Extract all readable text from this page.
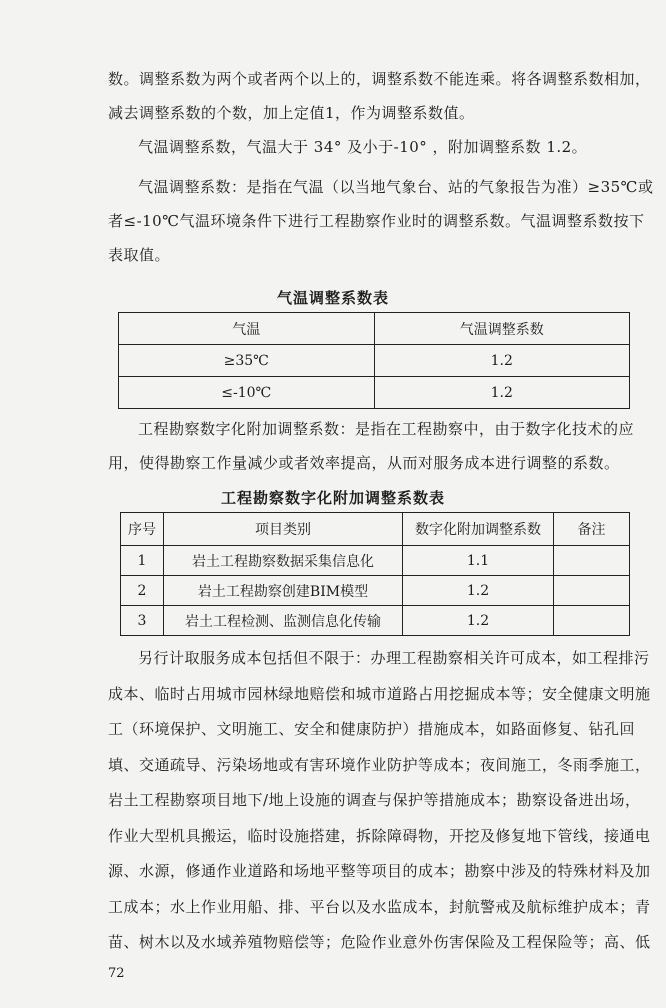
数。调整系数为两个或者两个以上的，调整系数不能连乘。将各调整系数相加，
减去调整系数的个数，加上定值1，作为调整系数值。

气温调整系数，气温大于 34° 及小于-10° ，附加调整系数 1.2。

气温调整系数：是指在气温（以当地气象台、站的气象报告为准）≥35℃或
者≤-10℃气温环境条件下进行工程勘察作业时的调整系数。气温调整系数按下
表取值。

气温调整系数表
气温	气温调整系数
≥35℃	1.2
≤-10℃	1.2

工程勘察数字化附加调整系数：是指在工程勘察中，由于数字化技术的应
用，使得勘察工作量减少或者效率提高，从而对服务成本进行调整的系数。

工程勘察数字化附加调整系数表
序号	项目类别	数字化附加调整系数	备注
1	岩土工程勘察数据采集信息化	1.1	
2	岩土工程勘察创建BIM模型	1.2	
3	岩土工程检测、监测信息化传输	1.2	

另行计取服务成本包括但不限于：办理工程勘察相关许可成本，如工程排污
成本、临时占用城市园林绿地赔偿和城市道路占用挖掘成本等；安全健康文明施
工（环境保护、文明施工、安全和健康防护）措施成本，如路面修复、钻孔回
填、交通疏导、污染场地或有害环境作业防护等成本；夜间施工，冬雨季施工，
岩土工程勘察项目地下/地上设施的调查与保护等措施成本；勘察设备进出场，
作业大型机具搬运，临时设施搭建，拆除障碍物，开挖及修复地下管线，接通电
源、水源，修通作业道路和场地平整等项目的成本；勘察中涉及的特殊材料及加
工成本；水上作业用船、排、平台以及水监成本，封航警戒及航标维护成本；青
苗、树木以及水域养殖物赔偿等；危险作业意外伤害保险及工程保险等；高、低

72
